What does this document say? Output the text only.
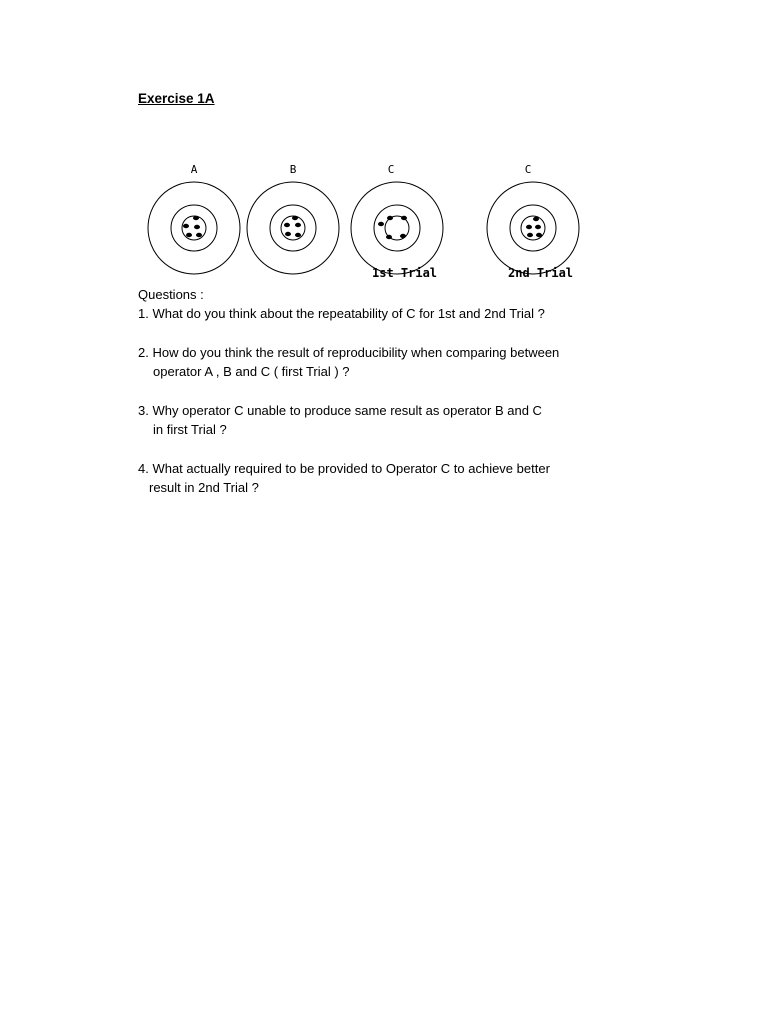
Exercise 1A
A	B	C	C
1st Trial	2nd Trial
Questions :
1. What do you think about the repeatability of C for 1st and 2nd Trial ?
2. How do you think the result of reproducibility when comparing between
operator A , B and C ( first Trial ) ?
3. Why operator C unable to produce same result as operator B and C
in first Trial ?
4. What actually required to be provided to Operator C to achieve better
result in 2nd Trial ?
